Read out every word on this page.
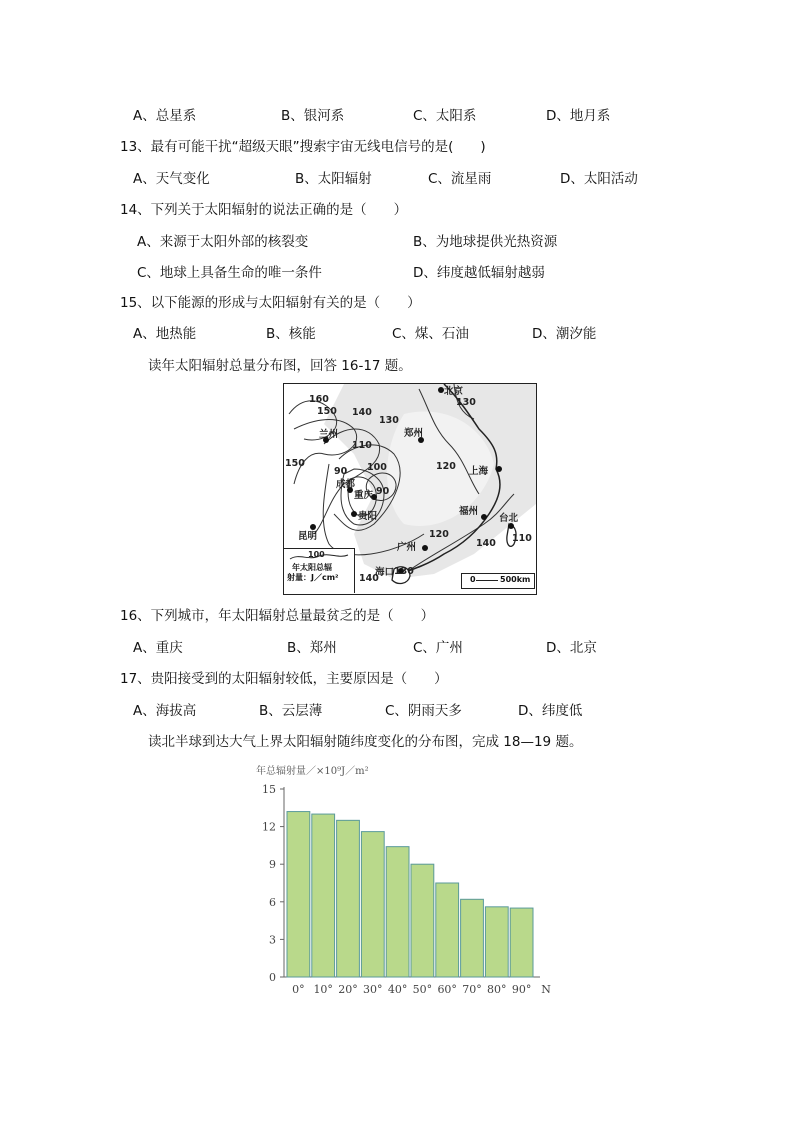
A、总星系	B、银河系	C、太阳系	D、地月系
13、最有可能干扰“超级天眼”搜索宇宙无线电信号的是(　　)
A、天气变化	B、太阳辐射	C、流星雨	D、太阳活动
14、下列关于太阳辐射的说法正确的是（　　）
A、来源于太阳外部的核裂变	B、为地球提供光热资源
C、地球上具备生命的唯一条件	D、纬度越低辐射越弱
15、以下能源的形成与太阳辐射有关的是（　　）
A、地热能	B、核能	C、煤、石油	D、潮汐能
读年太阳辐射总量分布图，回答 16-17 题。
北京
兰州	郑州
成都
重庆
贵阳
上海
福州
台北
广州
海口
昆明
160
150 140
130
130
110
100
90
90
150	120
120
140 110
130
140
100
年太阳总辐
射量：J／cm²	0	500km
16、下列城市，年太阳辐射总量最贫乏的是（　　）
A、重庆	B、郑州	C、广州	D、北京
17、贵阳接受到的太阳辐射较低，主要原因是（　　）
A、海拔高	B、云层薄	C、阴雨天多	D、纬度低
读北半球到达大气上界太阳辐射随纬度变化的分布图，完成 18—19 题。
年总辐射量／×10⁹J／m²
0
3
6
9
12
15
0° 10° 20° 30° 40° 50° 60° 70° 80° 90° N
